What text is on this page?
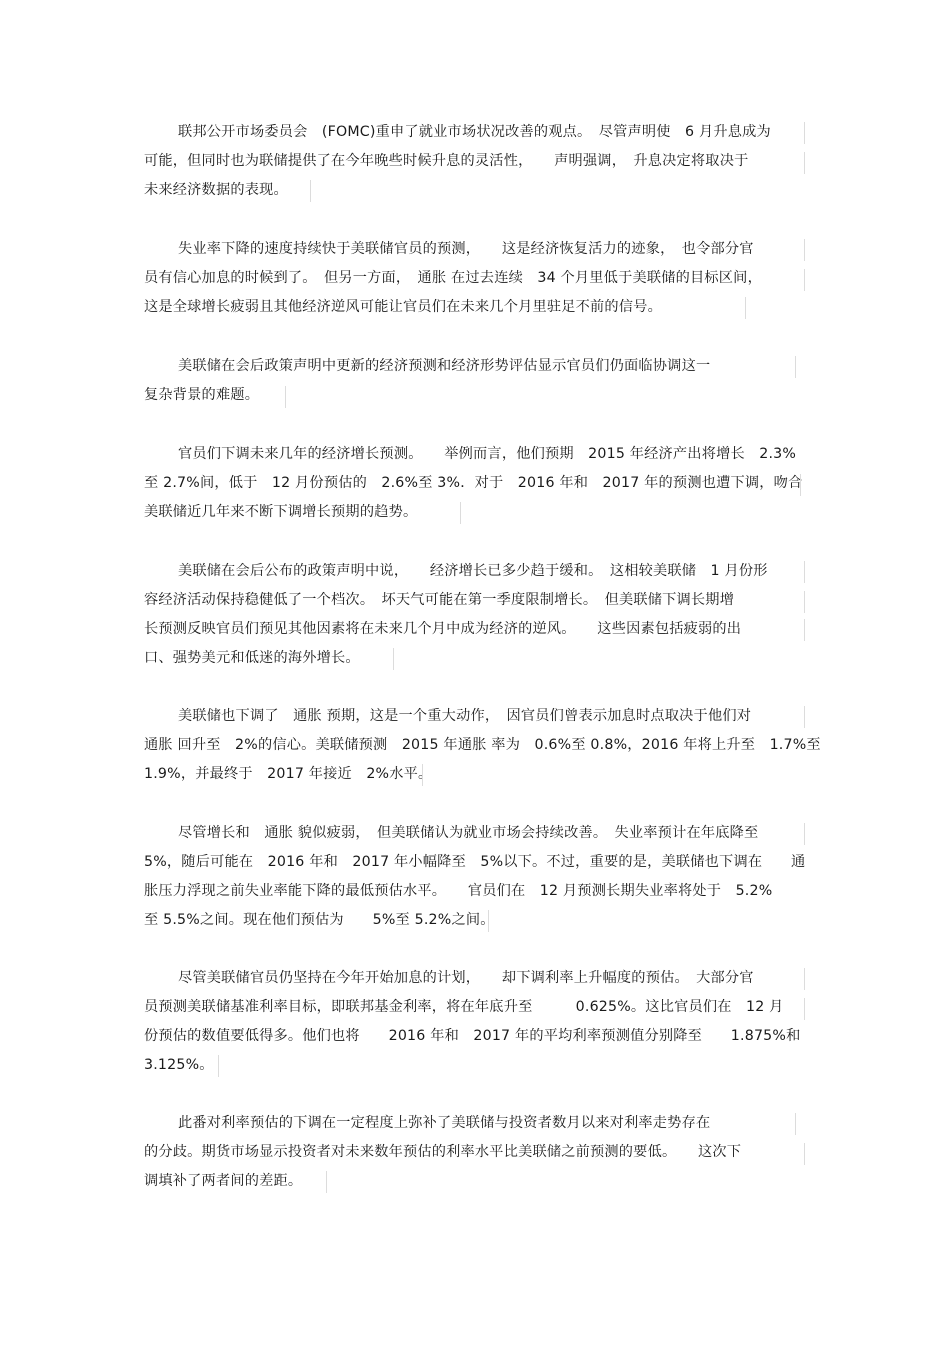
联邦公开市场委员会　(FOMC)重申了就业市场状况改善的观点。　尽管声明使　6 月升息成为
可能，但同时也为联储提供了在今年晚些时候升息的灵活性，　　声明强调，　升息决定将取决于
未来经济数据的表现。
失业率下降的速度持续快于美联储官员的预测，　　这是经济恢复活力的迹象，　也令部分官
员有信心加息的时候到了。　但另一方面，　通胀 在过去连续　34 个月里低于美联储的目标区间，
这是全球增长疲弱且其他经济逆风可能让官员们在未来几个月里驻足不前的信号。
美联储在会后政策声明中更新的经济预测和经济形势评估显示官员们仍面临协调这一
复杂背景的难题。
官员们下调未来几年的经济增长预测。　　举例而言，他们预期　2015 年经济产出将增长　2.3%
至 2.7%间，低于　12 月份预估的　2.6%至 3%．对于　2016 年和　2017 年的预测也遭下调，吻合
美联储近几年来不断下调增长预期的趋势。
美联储在会后公布的政策声明中说，　　经济增长已多少趋于缓和。　这相较美联储　1 月份形
容经济活动保持稳健低了一个档次。　坏天气可能在第一季度限制增长。　但美联储下调长期增
长预测反映官员们预见其他因素将在未来几个月中成为经济的逆风。　　这些因素包括疲弱的出
口、强势美元和低迷的海外增长。
美联储也下调了　通胀 预期，这是一个重大动作，　因官员们曾表示加息时点取决于他们对
通胀 回升至　2%的信心。美联储预测　2015 年通胀 率为　0.6%至 0.8%，2016 年将上升至　1.7%至
1.9%，并最终于　2017 年接近　2%水平。
尽管增长和　通胀 貌似疲弱，　但美联储认为就业市场会持续改善。　失业率预计在年底降至
5%，随后可能在　2016 年和　2017 年小幅降至　5%以下。不过，重要的是，美联储也下调在　　通
胀压力浮现之前失业率能下降的最低预估水平。　　官员们在　12 月预测长期失业率将处于　5.2%
至 5.5%之间。现在他们预估为　　5%至 5.2%之间。
尽管美联储官员仍坚持在今年开始加息的计划，　　却下调利率上升幅度的预估。　大部分官
员预测美联储基准利率目标，即联邦基金利率，将在年底升至　　　0.625%。这比官员们在　12 月
份预估的数值要低得多。他们也将　　2016 年和　2017 年的平均利率预测值分别降至　　1.875%和
3.125%。
此番对利率预估的下调在一定程度上弥补了美联储与投资者数月以来对利率走势存在
的分歧。期货市场显示投资者对未来数年预估的利率水平比美联储之前预测的要低。　　这次下
调填补了两者间的差距。
